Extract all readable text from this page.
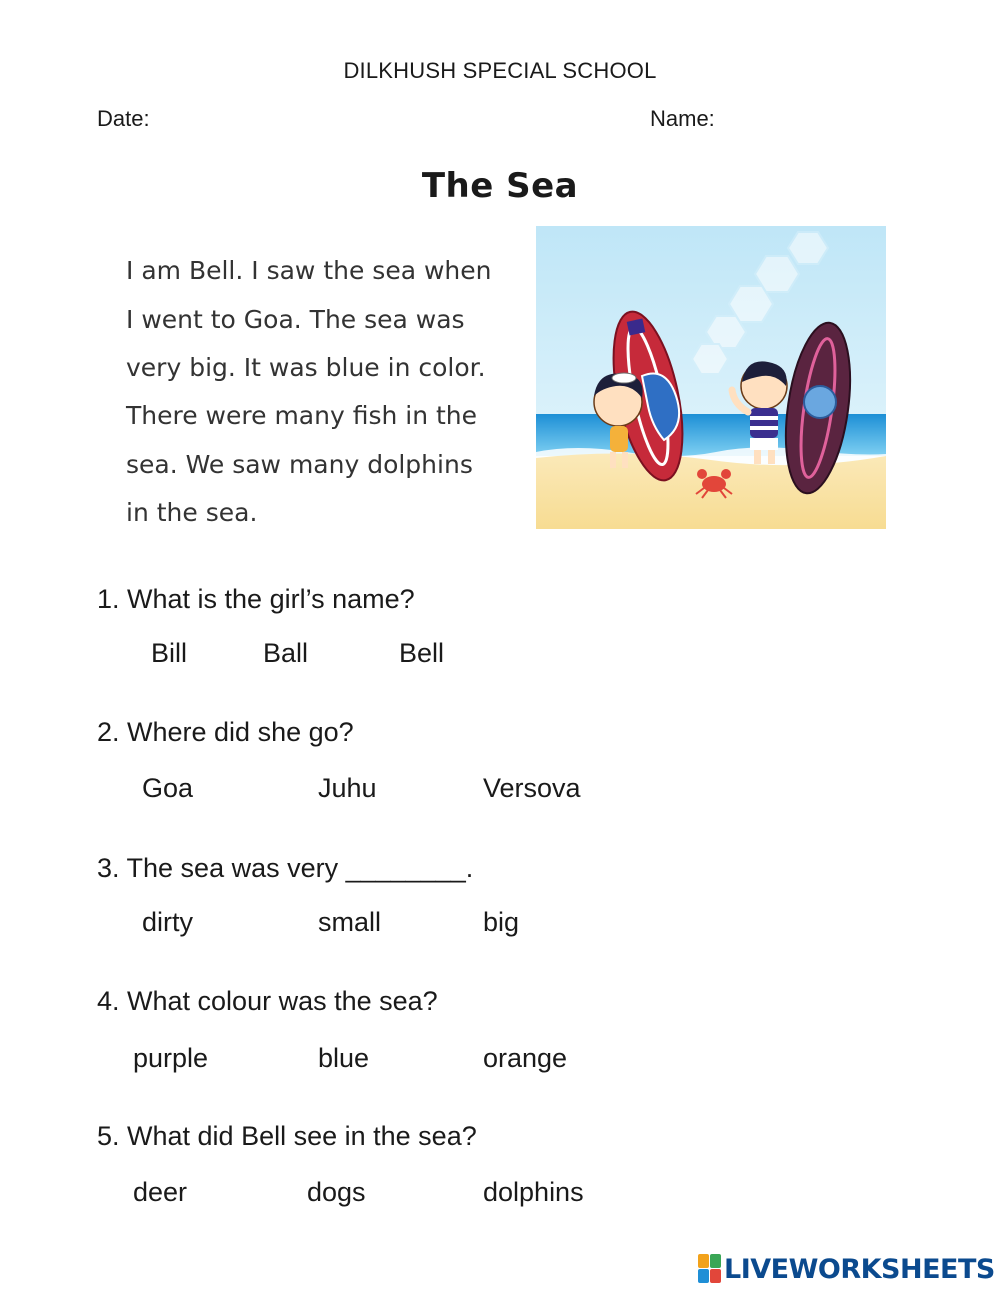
DILKHUSH SPECIAL SCHOOL
Date:	Name:
The Sea
I am Bell. I saw the sea when
I went to Goa. The sea was
very big. It was blue in color.
There were many fish in the
sea. We saw many dolphins
in the sea.
1. What is the girl’s name?
Bill	Ball	Bell
2. Where did she go?
Goa	Juhu	Versova
3. The sea was very ________.
dirty	small	big
4. What colour was the sea?
purple	blue	orange
5. What did Bell see in the sea?
deer	dogs	dolphins
LIVEWORKSHEETS
